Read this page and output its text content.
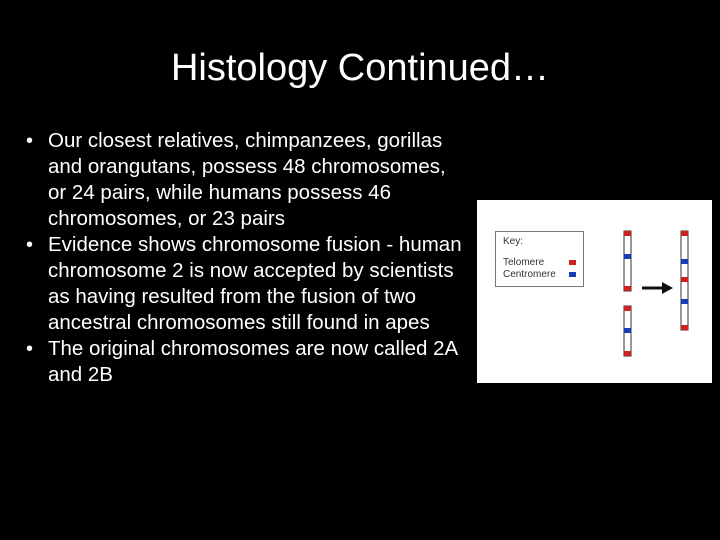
Histology Continued…
• Our closest relatives, chimpanzees, gorillas and orangutans, possess 48 chromosomes, or 24 pairs, while humans possess 46 chromosomes, or 23 pairs
• Evidence shows chromosome fusion - human chromosome 2 is now accepted by scientists as having resulted from the fusion of two ancestral chromosomes still found in apes
• The original chromosomes are now called 2A and 2B
Key:
Telomere
Centromere
